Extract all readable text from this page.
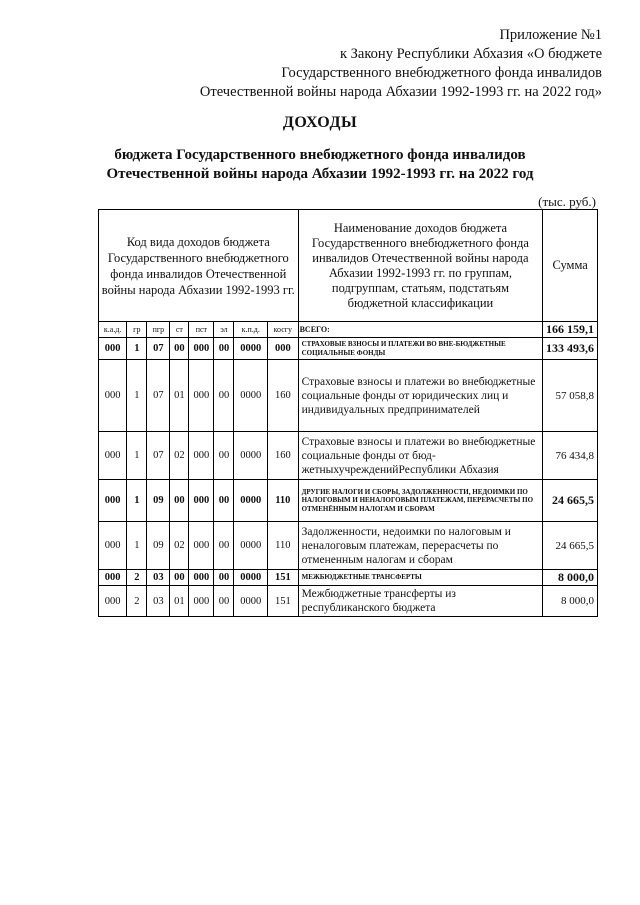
Приложение №1
к Закону Республики Абхазия «О бюджете
Государственного внебюджетного фонда инвалидов
Отечественной войны народа Абхазии 1992-1993 гг. на 2022 год»
ДОХОДЫ
бюджета Государственного внебюджетного фонда инвалидов
Отечественной войны народа Абхазии 1992-1993 гг. на 2022 год
(тыс. руб.)
Код вида доходов бюджета Государственного внебюджетного фонда инвалидов Отечественной войны народа Абхазии 1992-1993 гг.								Наименование доходов бюджета Государственного внебюджетного фонда инвалидов Отечественной войны народа Абхазии 1992-1993 гг. по группам, подгруппам, статьям, подстатьям бюджетной классификации	Сумма
к.а.д.	гр	пгр	ст	пст	эл	к.п.д.	косгу	ВСЕГО:	166 159,1
000	1	07	00	000	00	0000	000	СТРАХОВЫЕ ВЗНОСЫ И ПЛАТЕЖИ ВО ВНЕ-БЮДЖЕТНЫЕ СОЦИАЛЬНЫЕ ФОНДЫ	133 493,6
000	1	07	01	000	00	0000	160	Страховые взносы и платежи во внебюджетные социальные фонды от юридических лиц и индивидуальных предпринимателей	57 058,8
000	1	07	02	000	00	0000	160	Страховые взносы и платежи во внебюджетные социальные фонды от бюд-жетныхучрежденийРеспублики Абхазия	76 434,8
000	1	09	00	000	00	0000	110	ДРУГИЕ НАЛОГИ И СБОРЫ, ЗАДОЛЖЕННОСТИ, НЕДОИМКИ ПО НАЛОГОВЫМ И НЕНАЛОГОВЫМ ПЛАТЕЖАМ, ПЕРЕРАСЧЕТЫ ПО ОТМЕНЁННЫМ НАЛОГАМ И СБОРАМ	24 665,5
000	1	09	02	000	00	0000	110	Задолженности, недоимки по налоговым и неналоговым платежам, перерасчеты по отмененным налогам и сборам	24 665,5
000	2	03	00	000	00	0000	151	МЕЖБЮДЖЕТНЫЕ ТРАНСФЕРТЫ	8 000,0
000	2	03	01	000	00	0000	151	Межбюджетные трансферты из республиканского бюджета	8 000,0
